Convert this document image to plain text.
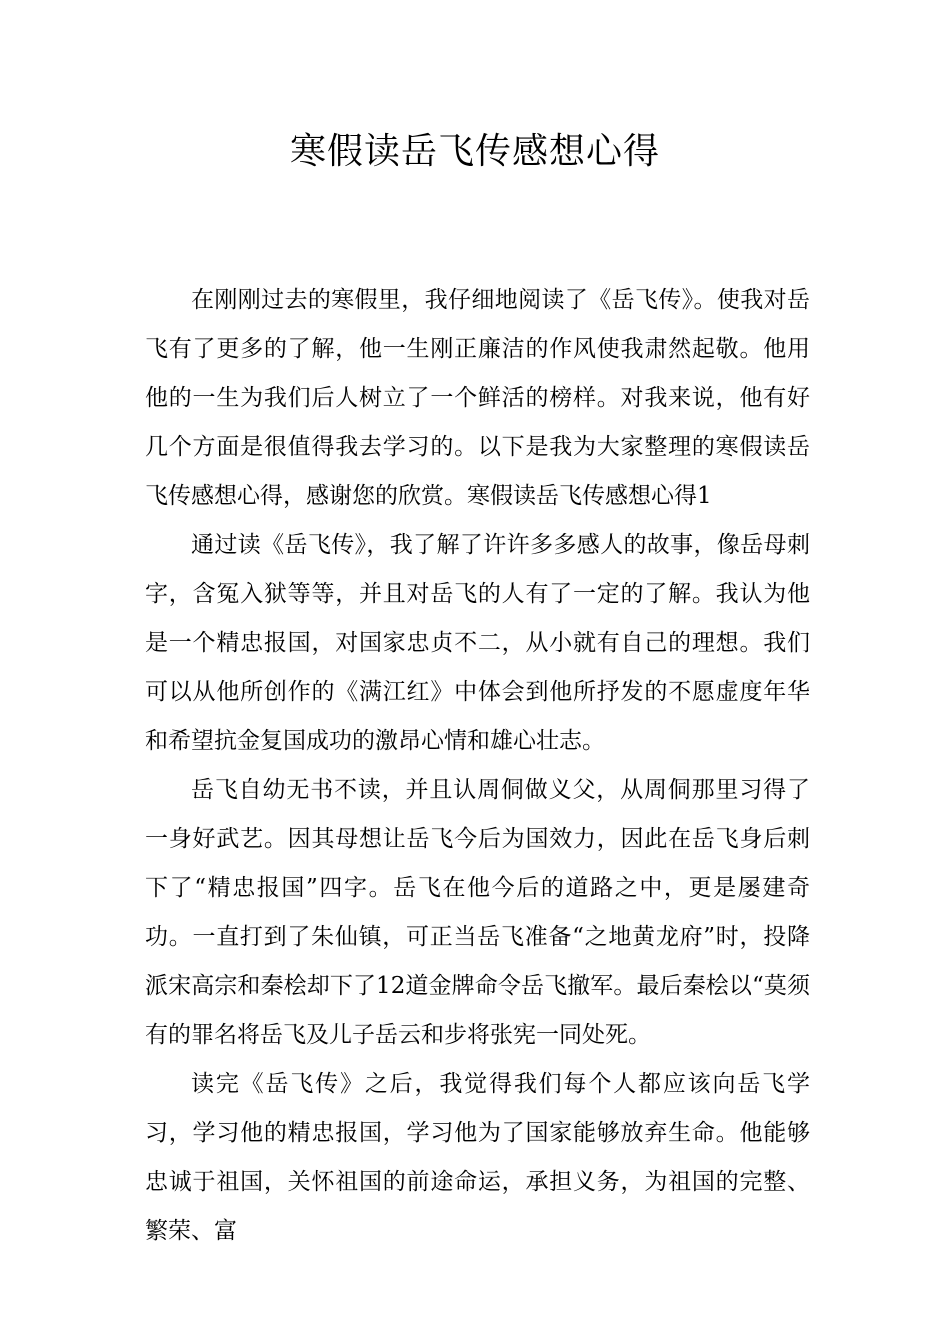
寒假读岳飞传感想心得

在刚刚过去的寒假里，我仔细地阅读了《岳飞传》。使我对岳飞有了更多的了解，他一生刚正廉洁的作风使我肃然起敬。他用他的一生为我们后人树立了一个鲜活的榜样。对我来说，他有好几个方面是很值得我去学习的。以下是我为大家整理的寒假读岳飞传感想心得，感谢您的欣赏。寒假读岳飞传感想心得1

通过读《岳飞传》，我了解了许许多多感人的故事，像岳母刺字，含冤入狱等等，并且对岳飞的人有了一定的了解。我认为他是一个精忠报国，对国家忠贞不二，从小就有自己的理想。我们可以从他所创作的《满江红》中体会到他所抒发的不愿虚度年华和希望抗金复国成功的激昂心情和雄心壮志。

岳飞自幼无书不读，并且认周侗做义父，从周侗那里习得了一身好武艺。因其母想让岳飞今后为国效力，因此在岳飞身后刺下了“精忠报国”四字。岳飞在他今后的道路之中，更是屡建奇功。一直打到了朱仙镇，可正当岳飞准备“之地黄龙府”时，投降派宋高宗和秦桧却下了12道金牌命令岳飞撤军。最后秦桧以“莫须有的罪名将岳飞及儿子岳云和步将张宪一同处死。

读完《岳飞传》之后，我觉得我们每个人都应该向岳飞学习，学习他的精忠报国，学习他为了国家能够放弃生命。他能够忠诚于祖国，关怀祖国的前途命运，承担义务，为祖国的完整、繁荣、富
